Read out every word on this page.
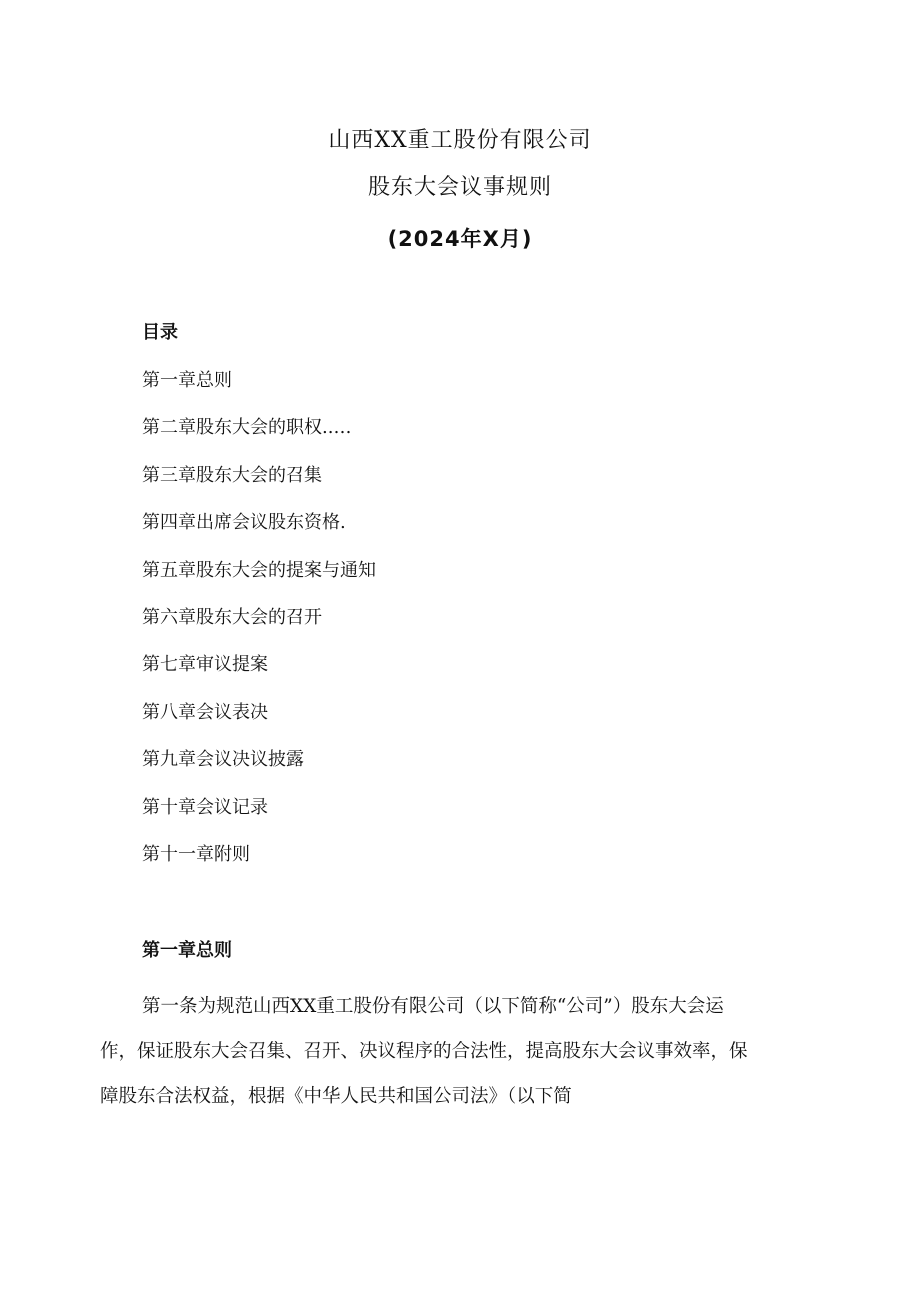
山西XX重工股份有限公司
股东大会议事规则
(2024年X月)
目录
第一章总则
第二章股东大会的职权..…
第三章股东大会的召集
第四章出席会议股东资格.
第五章股东大会的提案与通知
第六章股东大会的召开
第七章审议提案
第八章会议表决
第九章会议决议披露
第十章会议记录
第十一章附则
第一章总则

第一条为规范山西XX重工股份有限公司（以下简称“公司”）股东大会运
作，保证股东大会召集、召开、决议程序的合法性，提高股东大会议事效率，保
障股东合法权益，根据《中华人民共和国公司法》（以下简
